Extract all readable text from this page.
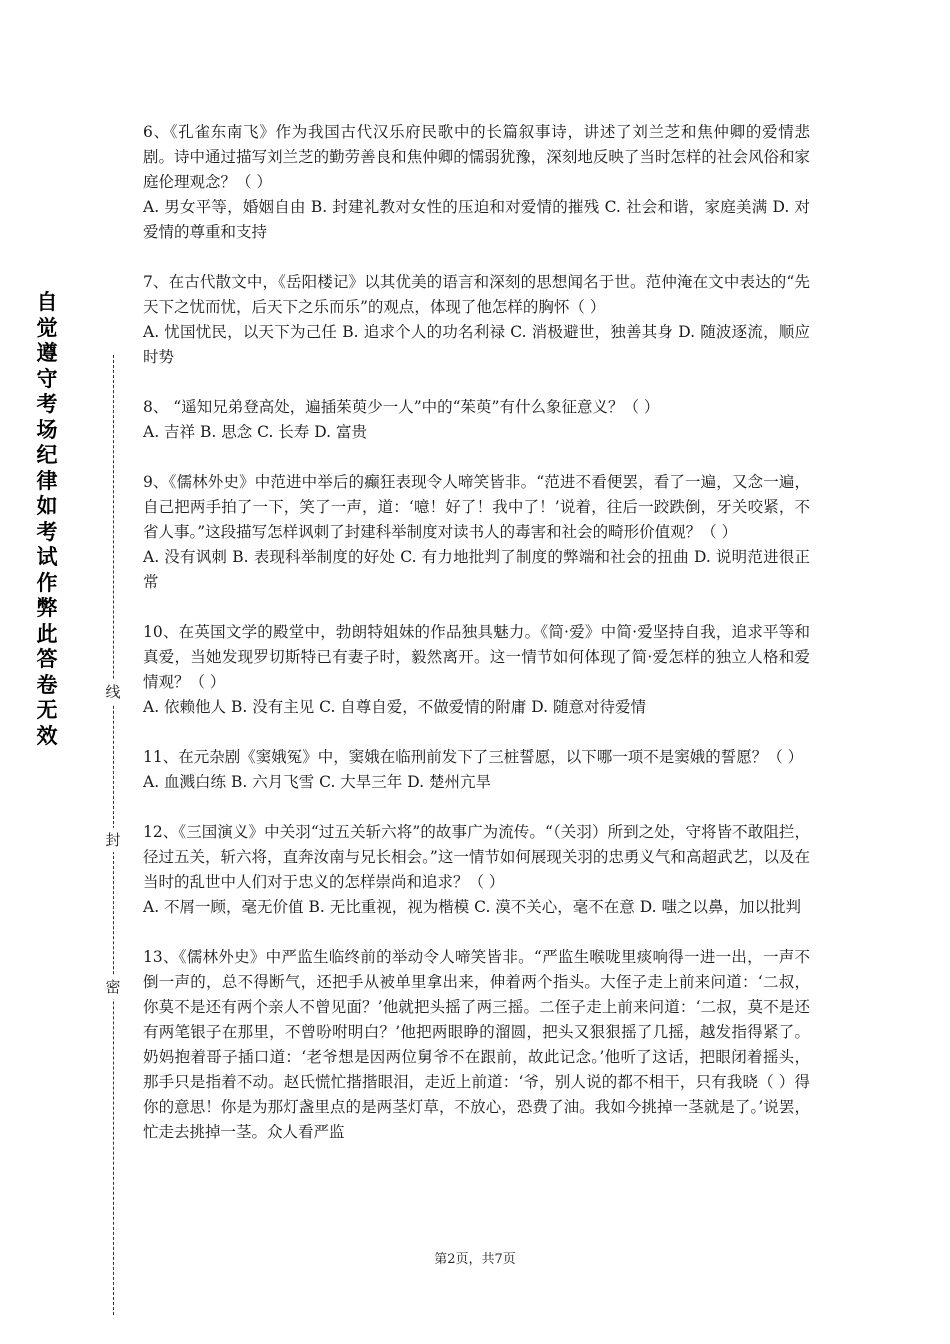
自觉遵守考场纪律如考试作弊此答卷无效
线
封
密
6、《孔雀东南飞》作为我国古代汉乐府民歌中的长篇叙事诗，讲述了刘兰芝和焦仲卿的爱情悲剧。诗中通过描写刘兰芝的勤劳善良和焦仲卿的懦弱犹豫，深刻地反映了当时怎样的社会风俗和家庭伦理观念？（ ）
A. 男女平等，婚姻自由 B. 封建礼教对女性的压迫和对爱情的摧残 C. 社会和谐，家庭美满 D. 对爱情的尊重和支持
7、在古代散文中，《岳阳楼记》以其优美的语言和深刻的思想闻名于世。范仲淹在文中表达的“先天下之忧而忧，后天下之乐而乐”的观点，体现了他怎样的胸怀（ ）
A. 忧国忧民，以天下为己任 B. 追求个人的功名利禄 C. 消极避世，独善其身 D. 随波逐流，顺应时势
8、 “遥知兄弟登高处，遍插茱萸少一人”中的“茱萸”有什么象征意义？（ ）
A. 吉祥 B. 思念 C. 长寿 D. 富贵
9、《儒林外史》中范进中举后的癫狂表现令人啼笑皆非。“范进不看便罢，看了一遍，又念一遍，自己把两手拍了一下，笑了一声，道：‘噫！好了！我中了！’说着，往后一跤跌倒，牙关咬紧，不省人事。”这段描写怎样讽刺了封建科举制度对读书人的毒害和社会的畸形价值观？（ ）
A. 没有讽刺 B. 表现科举制度的好处 C. 有力地批判了制度的弊端和社会的扭曲 D. 说明范进很正常
10、在英国文学的殿堂中，勃朗特姐妹的作品独具魅力。《简·爱》中简·爱坚持自我，追求平等和真爱，当她发现罗切斯特已有妻子时，毅然离开。这一情节如何体现了简·爱怎样的独立人格和爱情观？（ ）
A. 依赖他人 B. 没有主见 C. 自尊自爱，不做爱情的附庸 D. 随意对待爱情
11、在元杂剧《窦娥冤》中，窦娥在临刑前发下了三桩誓愿，以下哪一项不是窦娥的誓愿？（ ）
A. 血溅白练 B. 六月飞雪 C. 大旱三年 D. 楚州亢旱
12、《三国演义》中关羽“过五关斩六将”的故事广为流传。“（关羽）所到之处，守将皆不敢阻拦，径过五关，斩六将，直奔汝南与兄长相会。”这一情节如何展现关羽的忠勇义气和高超武艺，以及在当时的乱世中人们对于忠义的怎样崇尚和追求？（ ）
A. 不屑一顾，毫无价值 B. 无比重视，视为楷模 C. 漠不关心，毫不在意 D. 嗤之以鼻，加以批判
13、《儒林外史》中严监生临终前的举动令人啼笑皆非。“严监生喉咙里痰响得一进一出，一声不倒一声的，总不得断气，还把手从被单里拿出来，伸着两个指头。大侄子走上前来问道：‘二叔，你莫不是还有两个亲人不曾见面？’他就把头摇了两三摇。二侄子走上前来问道：‘二叔，莫不是还有两笔银子在那里，不曾吩咐明白？’他把两眼睁的溜圆，把头又狠狠摇了几摇，越发指得紧了。奶妈抱着哥子插口道：‘老爷想是因两位舅爷不在跟前，故此记念。’他听了这话，把眼闭着摇头，那手只是指着不动。赵氏慌忙揩揩眼泪，走近上前道：‘爷，别人说的都不相干，只有我晓（ ）得你的意思！你是为那灯盏里点的是两茎灯草，不放心，恐费了油。我如今挑掉一茎就是了。’说罢，忙走去挑掉一茎。众人看严监
第2页，共7页
